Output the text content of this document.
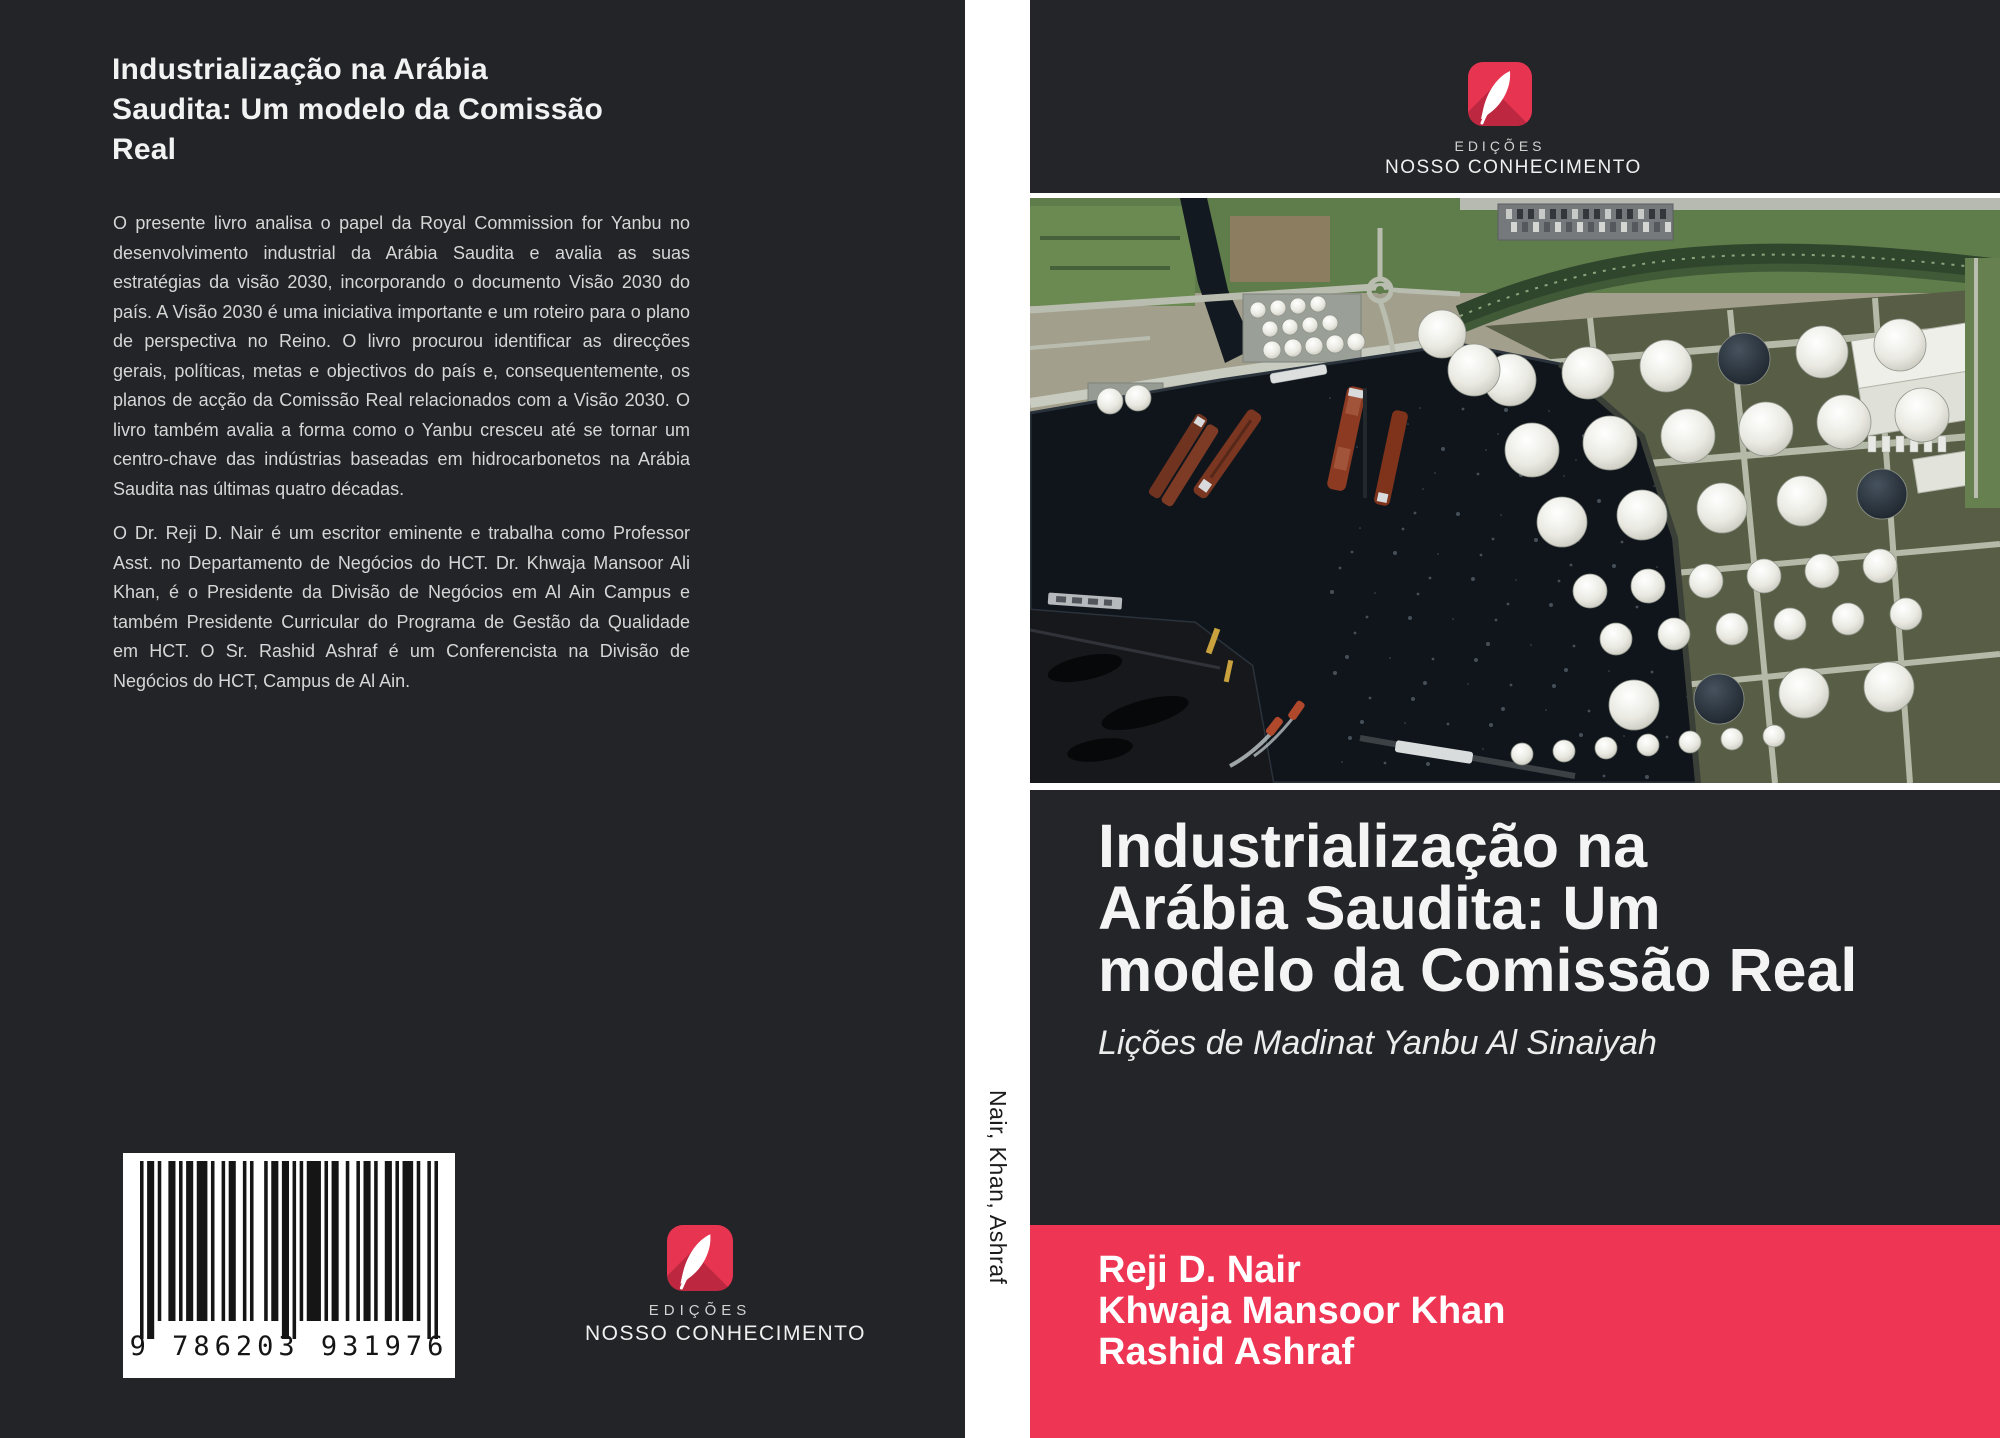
Industrialização na Arábia
Saudita: Um modelo da Comissão
Real
O presente livro analisa o papel da Royal Commission for Yanbu no desenvolvimento industrial da Arábia Saudita e avalia as suas estratégias da visão 2030, incorporando o documento Visão 2030 do país. A Visão 2030 é uma iniciativa importante e um roteiro para o plano de perspectiva no Reino. O livro procurou identificar as direcções gerais, políticas, metas e objectivos do país e, consequentemente, os planos de acção da Comissão Real relacionados com a Visão 2030. O livro também avalia a forma como o Yanbu cresceu até se tornar um centro-chave das indústrias baseadas em hidrocarbonetos na Arábia Saudita nas últimas quatro décadas.
O Dr. Reji D. Nair é um escritor eminente e trabalha como Professor Asst. no Departamento de Negócios do HCT. Dr. Khwaja Mansoor Ali Khan, é o Presidente da Divisão de Negócios em Al Ain Campus e também Presidente Curricular do Programa de Gestão da Qualidade em HCT. O Sr. Rashid Ashraf é um Conferencista na Divisão de Negócios do HCT, Campus de Al Ain.
9 786203 931976
EDIÇÕES
NOSSO CONHECIMENTO
Nair, Khan, Ashraf
EDIÇÕES
NOSSO CONHECIMENTO
Industrialização na
Arábia Saudita: Um
modelo da Comissão Real
Lições de Madinat Yanbu Al Sinaiyah
Reji D. Nair
Khwaja Mansoor Khan
Rashid Ashraf
